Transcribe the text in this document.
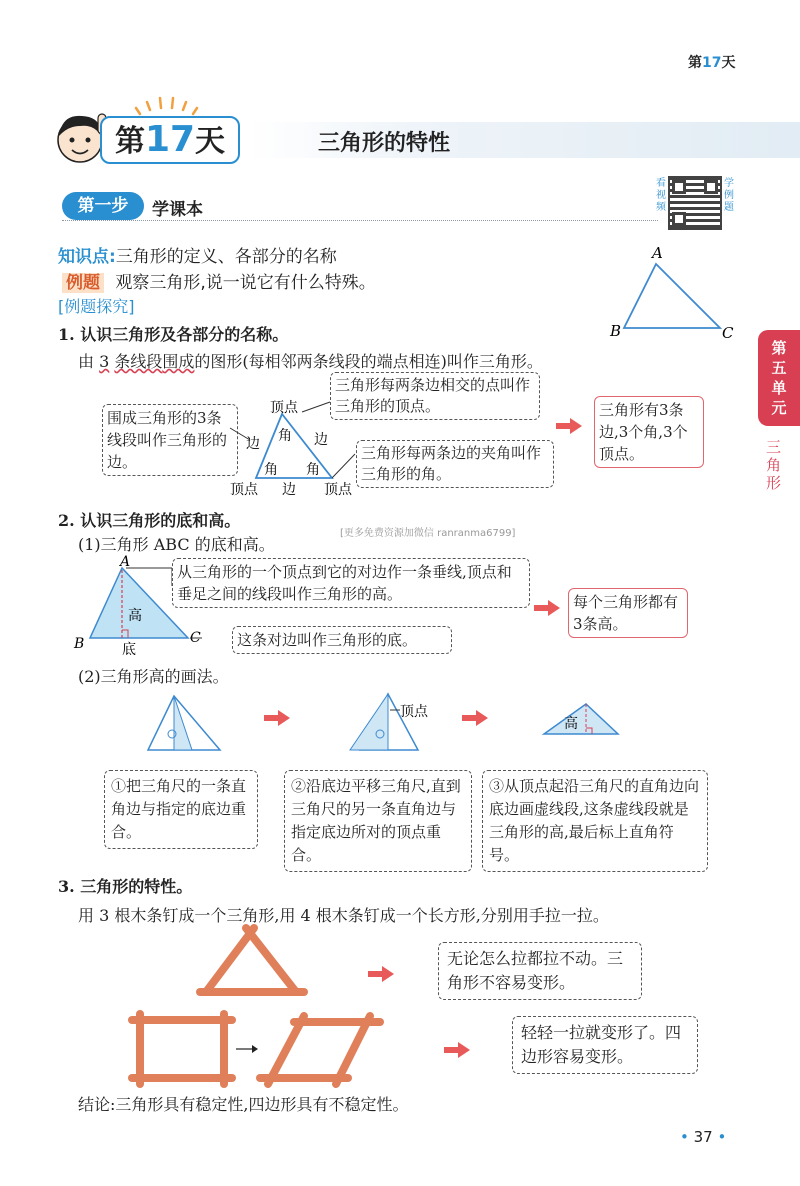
第17天
第17天	三角形的特性
第一步	学课本
看视频
学例题
知识点:三角形的定义、各部分的名称
例题 观察三角形,说一说它有什么特殊。
[例题探究]
A
B	C
1. 认识三角形及各部分的名称。
由 3 条线段围成的图形(每相邻两条线段的端点相连)叫作三角形。
围成三角形的3条线段叫作三角形的边。
三角形每两条边相交的点叫作三角形的顶点。
三角形每两条边的夹角叫作三角形的角。
顶点
角
边	边
角 角
顶点 边 顶点
三角形有3条边,3个角,3个顶点。
2. 认识三角形的底和高。
[更多免费资源加微信 ranranma6799]
(1)三角形 ABC 的底和高。
A
B	C
高
底
从三角形的一个顶点到它的对边作一条垂线,顶点和垂足之间的线段叫作三角形的高。
这条对边叫作三角形的底。
每个三角形都有3条高。
(2)三角形高的画法。
顶点
高
①把三角尺的一条直角边与指定的底边重合。
②沿底边平移三角尺,直到三角尺的另一条直角边与指定底边所对的顶点重合。
③从顶点起沿三角尺的直角边向底边画虚线段,这条虚线段就是三角形的高,最后标上直角符号。
3. 三角形的特性。
用 3 根木条钉成一个三角形,用 4 根木条钉成一个长方形,分别用手拉一拉。
无论怎么拉都拉不动。三角形不容易变形。
轻轻一拉就变形了。四边形容易变形。
结论:三角形具有稳定性,四边形具有不稳定性。
第五单元
三角形
• 37 •
